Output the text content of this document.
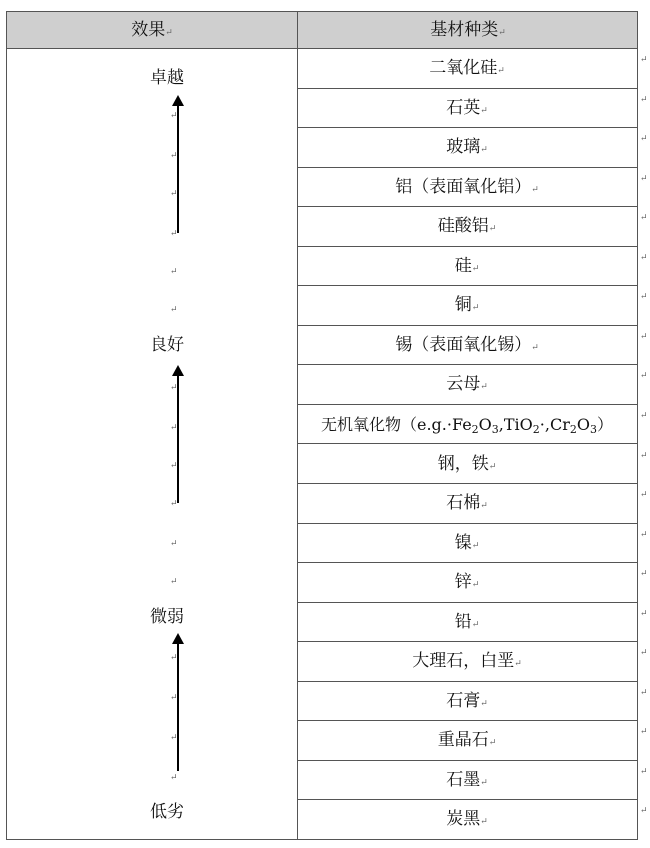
效果↵	基材种类↵
卓越
良好
微弱
低劣
↵
↵
↵
↵
↵
↵
↵
↵
↵
↵
↵
↵
↵
↵
↵
↵
二氧化硅↵
石英↵
玻璃↵
铝（表面氧化铝）↵
硅酸铝↵
硅↵
铜↵
锡（表面氧化锡）↵
云母↵
无机氧化物$(e.g.\cdot Fe_2O_3,TiO_2\cdot,Cr_2O_3)$
钢，铁↵
石棉↵
镍↵
锌↵
铅↵
大理石，白垩↵
石膏↵
重晶石↵
石墨↵
炭黑↵
↵
↵
↵
↵
↵
↵
↵
↵
↵
↵
↵
↵
↵
↵
↵
↵
↵
↵
↵
↵
